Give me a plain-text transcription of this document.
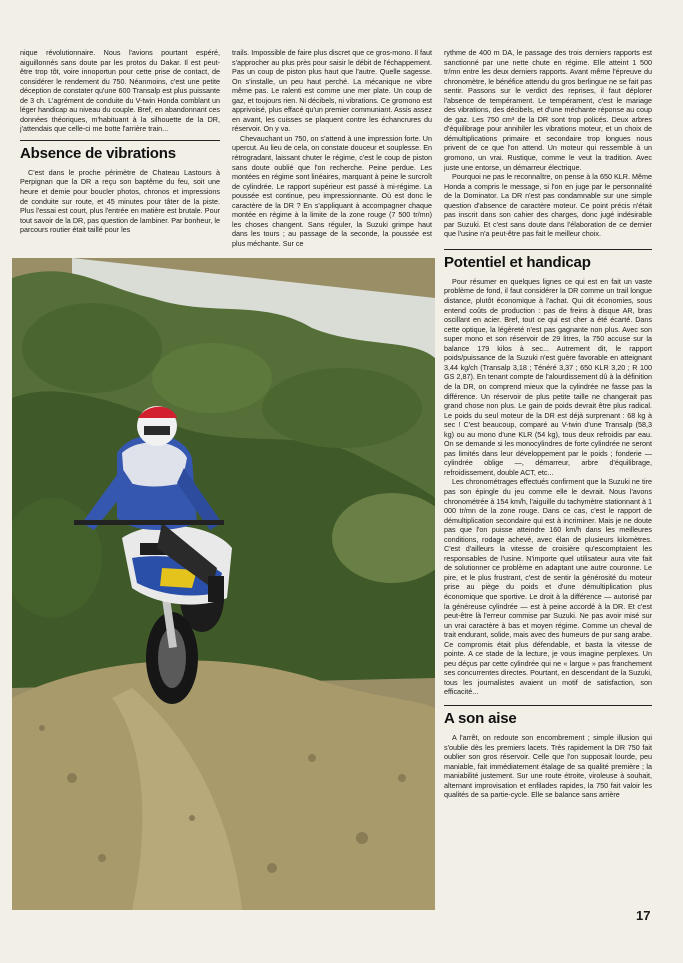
nique révolutionnaire. Nous l'avions pourtant espéré, aiguillonnés sans doute par les protos du Dakar. Il est peut-être trop tôt, voire innoportun pour cette prise de contact, de considérer le rendement du 750. Néanmoins, c'est une petite déception de constater qu'une 600 Transalp est plus puissante de 3 ch. L'agrément de conduite du V-twin Honda comblant un léger handicap au niveau du couple. Bref, en abandonnant ces données théoriques, m'habituant à la silhouette de la DR, j'attendais que celle-ci me botte l'arrière train...

Absence de vibrations

C'est dans le proche périmètre de Chateau Lastours à Perpignan que la DR a reçu son baptême du feu, soit une heure et demie pour boucler photos, chronos et impressions de conduite sur route, et 45 minutes pour tâter de la piste. Plus l'essai est court, plus l'entrée en matière est brutale. Pour tout savoir de la DR, pas question de lambiner. Par bonheur, le parcours routier était taillé pour les

trails. Impossible de faire plus discret que ce gros-mono. Il faut s'approcher au plus près pour saisir le débit de l'échappement. Pas un coup de piston plus haut que l'autre. Quelle sagesse. On s'installe, un peu haut perché. La mécanique ne vibre même pas. Le ralenti est comme une mer plate. Un coup de gaz, et toujours rien. Ni décibels, ni vibrations. Ce gromono est apprivoisé, plus effacé qu'un premier communiant. Assis assez en avant, les cuisses se plaquent contre les échancrures du réservoir. On y va.

Chevauchant un 750, on s'attend à une impression forte. Un upercut. Au lieu de cela, on constate douceur et souplesse. En rétrogradant, laissant chuter le régime, c'est le coup de piston sans doute oublié que l'on recherche. Peine perdue. Les montées en régime sont linéaires, marquant à peine le surcroît de cylindrée. Le rapport supérieur est passé à mi-régime. La poussée est continue, peu impressionnante. Où est donc le caractère de la DR ? En s'appliquant à accompagner chaque montée en régime à la limite de la zone rouge (7 500 tr/mn) les choses changent. Sans réguler, la Suzuki grimpe haut dans les tours ; au passage de la seconde, la poussée est plus méchante. Sur ce

rythme de 400 m DA, le passage des trois derniers rapports est sanctionné par une nette chute en régime. Elle atteint 1 500 tr/mn entre les deux derniers rapports. Avant même l'épreuve du chronomètre, le bénéfice attendu du gros berlingue ne se fait pas sentir. Passons sur le verdict des reprises, il faut déplorer l'absence de tempérament. Le tempérament, c'est le mariage des vibrations, des décibels, et d'une méchante réponse au coup de gaz. Les 750 cm³ de la DR sont trop policés. Deux arbres d'équilibrage pour annihiler les vibrations moteur, et un choix de démultiplications primaire et secondaire trop longues nous privent de ce que l'on attend. Un moteur qui ressemble à un gromono, un vrai. Rustique, comme le veut la tradition. Avec juste une entorse, un démarreur électrique.

Pourquoi ne pas le reconnaître, on pense à la 650 KLR. Même Honda a compris le message, si l'on en juge par le personnalité de la Dominator. La DR n'est pas condamnable sur une simple question d'absence de caractère moteur. Ce point précis n'était pas inscrit dans son cahier des charges, donc jugé indésirable par Suzuki. Et c'est sans doute dans l'élaboration de ce dernier que l'usine n'a peut-être pas fait le meilleur choix.

Potentiel et handicap

Pour résumer en quelques lignes ce qui est en fait un vaste problème de fond, il faut considérer la DR comme un trail longue distance, plutôt économique à l'achat. Qui dit économies, sous entend coûts de production : pas de freins à disque AR, bras oscillant en acier. Bref, tout ce qui est cher a été écarté. Dans cette optique, la légèreté n'est pas gagnante non plus. Avec son super mono et son réservoir de 29 litres, la 750 accuse sur la balance 179 kilos à sec... Autrement dit, le rapport poids/puissance de la Suzuki n'est guère favorable en atteignant 3,44 kg/ch (Transalp 3,18 ; Ténéré 3,37 ; 650 KLR 3,20 ; R 100 GS 2,87). En tenant compte de l'alourdissement dû à la définition de la DR, on comprend mieux que la cylindrée ne fasse pas la différence. Un réservoir de plus petite taille ne changerait pas grand chose non plus. Le gain de poids devrait être plus radical. Le poids du seul moteur de la DR est déjà surprenant : 68 kg à sec ! C'est beaucoup, comparé au V-twin d'une Transalp (58,3 kg) ou au mono d'une KLR (54 kg), tous deux refroidis par eau. On se demande si les monocylindres de forte cylindrée ne seront pas limités dans leur développement par le poids ; fonderie — cylindrée oblige —, démarreur, arbre d'équilibrage, refroidissement, double ACT, etc...

Les chronométrages effectués confirment que la Suzuki ne tire pas son épingle du jeu comme elle le devrait. Nous l'avons chronométrée à 154 km/h, l'aiguille du tachymètre stationnant à 1 000 tr/mn de la zone rouge. Dans ce cas, c'est le rapport de démultiplication secondaire qui est à incriminer. Mais je ne doute pas que l'on puisse atteindre 160 km/h dans les meilleures conditions, rodage achevé, avec élan de plusieurs kilomètres. C'est d'ailleurs la vitesse de croisière qu'escomptaient les responsables de l'usine. N'importe quel utilisateur aura vite fait de solutionner ce problème en adaptant une autre couronne. Le pire, et le plus frustrant, c'est de sentir la générosité du moteur prise au piège du poids et d'une démultiplication plus économique que sportive. Le droit à la différence — autorisé par la généreuse cylindrée — est à peine accordé à la DR. Et c'est peut-être là l'erreur commise par Suzuki. Ne pas avoir misé sur un vrai caractère à bas et moyen régime. Comme un cheval de trait endurant, solide, mais avec des humeurs de pur sang arabe. Ce compromis était plus défendable, et basta la vitesse de pointe. A ce stade de la lecture, je vous imagine perplexes. Un peu déçus par cette cylindrée qui ne « largue » pas franchement ses concurrentes directes. Pourtant, en descendant de la Suzuki, tous les journalistes avaient un motif de satisfaction, son efficacité...

A son aise

A l'arrêt, on redoute son encombrement ; simple illusion qui s'oublie dès les premiers lacets. Très rapidement la DR 750 fait oublier son gros réservoir. Celle que l'on supposait lourde, peu maniable, fait immédiatement étalage de sa qualité première ; la maniabilité justement. Sur une route étroite, viroleuse à souhait, alternant improvisation et enfilades rapides, la 750 fait valoir les qualités de sa partie-cycle. Elle se balance sans arrière

17
